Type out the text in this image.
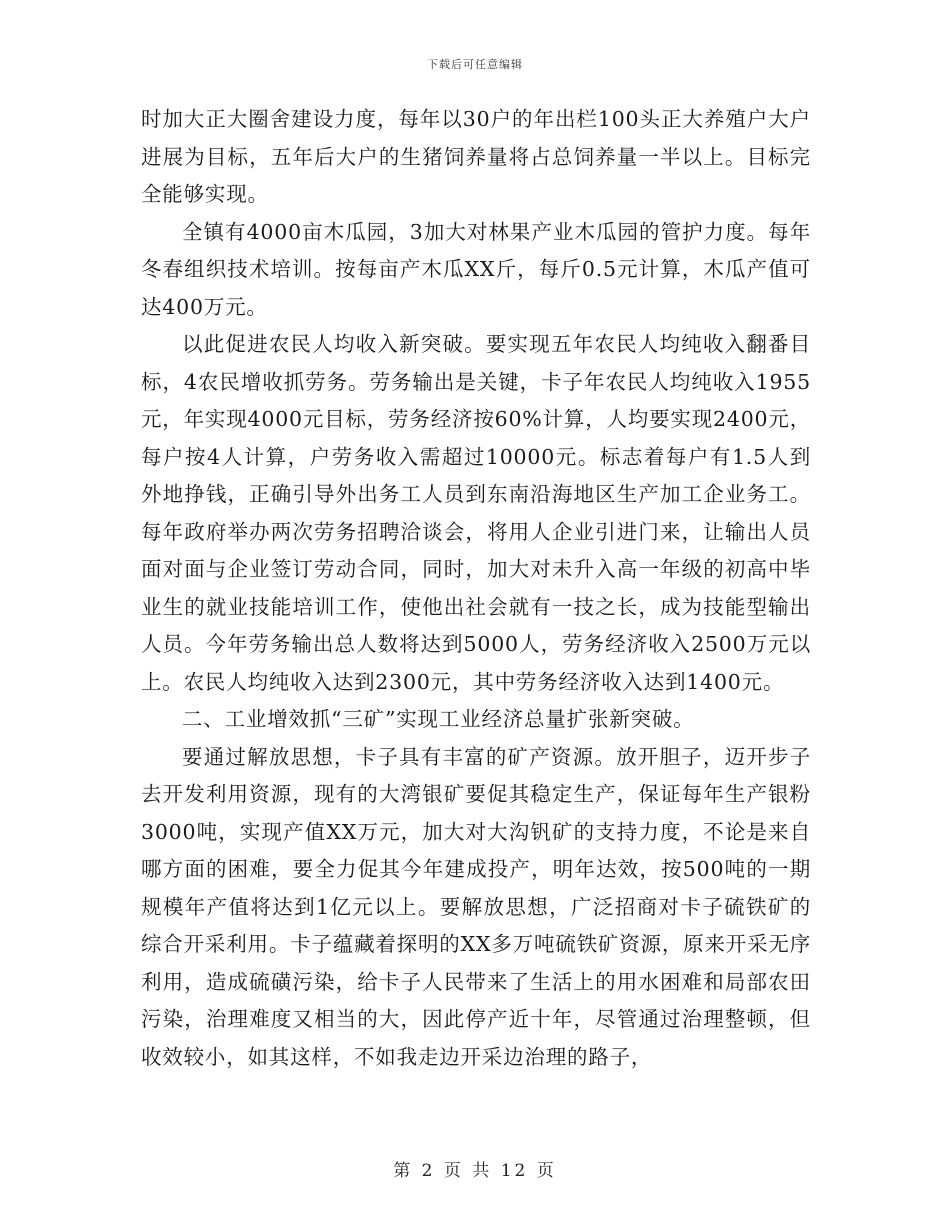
下载后可任意编辑

时加大正大圈舍建设力度，每年以30户的年出栏100头正大养殖户大户进展为目标，五年后大户的生猪饲养量将占总饲养量一半以上。目标完全能够实现。

全镇有4000亩木瓜园，3加大对林果产业木瓜园的管护力度。每年冬春组织技术培训。按每亩产木瓜XX斤，每斤0.5元计算，木瓜产值可达400万元。

以此促进农民人均收入新突破。要实现五年农民人均纯收入翻番目标，4农民增收抓劳务。劳务输出是关键，卡子年农民人均纯收入1955元，年实现4000元目标，劳务经济按60%计算，人均要实现2400元，每户按4人计算，户劳务收入需超过10000元。标志着每户有1.5人到外地挣钱，正确引导外出务工人员到东南沿海地区生产加工企业务工。每年政府举办两次劳务招聘洽谈会，将用人企业引进门来，让输出人员面对面与企业签订劳动合同，同时，加大对未升入高一年级的初高中毕业生的就业技能培训工作，使他出社会就有一技之长，成为技能型输出人员。今年劳务输出总人数将达到5000人，劳务经济收入2500万元以上。农民人均纯收入达到2300元，其中劳务经济收入达到1400元。

二、工业增效抓“三矿”实现工业经济总量扩张新突破。

要通过解放思想，卡子具有丰富的矿产资源。放开胆子，迈开步子去开发利用资源，现有的大湾银矿要促其稳定生产，保证每年生产银粉3000吨，实现产值XX万元，加大对大沟钒矿的支持力度，不论是来自哪方面的困难，要全力促其今年建成投产，明年达效，按500吨的一期规模年产值将达到1亿元以上。要解放思想，广泛招商对卡子硫铁矿的综合开采利用。卡子蕴藏着探明的XX多万吨硫铁矿资源，原来开采无序利用，造成硫磺污染，给卡子人民带来了生活上的用水困难和局部农田污染，治理难度又相当的大，因此停产近十年，尽管通过治理整顿，但收效较小，如其这样，不如我走边开采边治理的路子，

第 2 页 共 12 页
